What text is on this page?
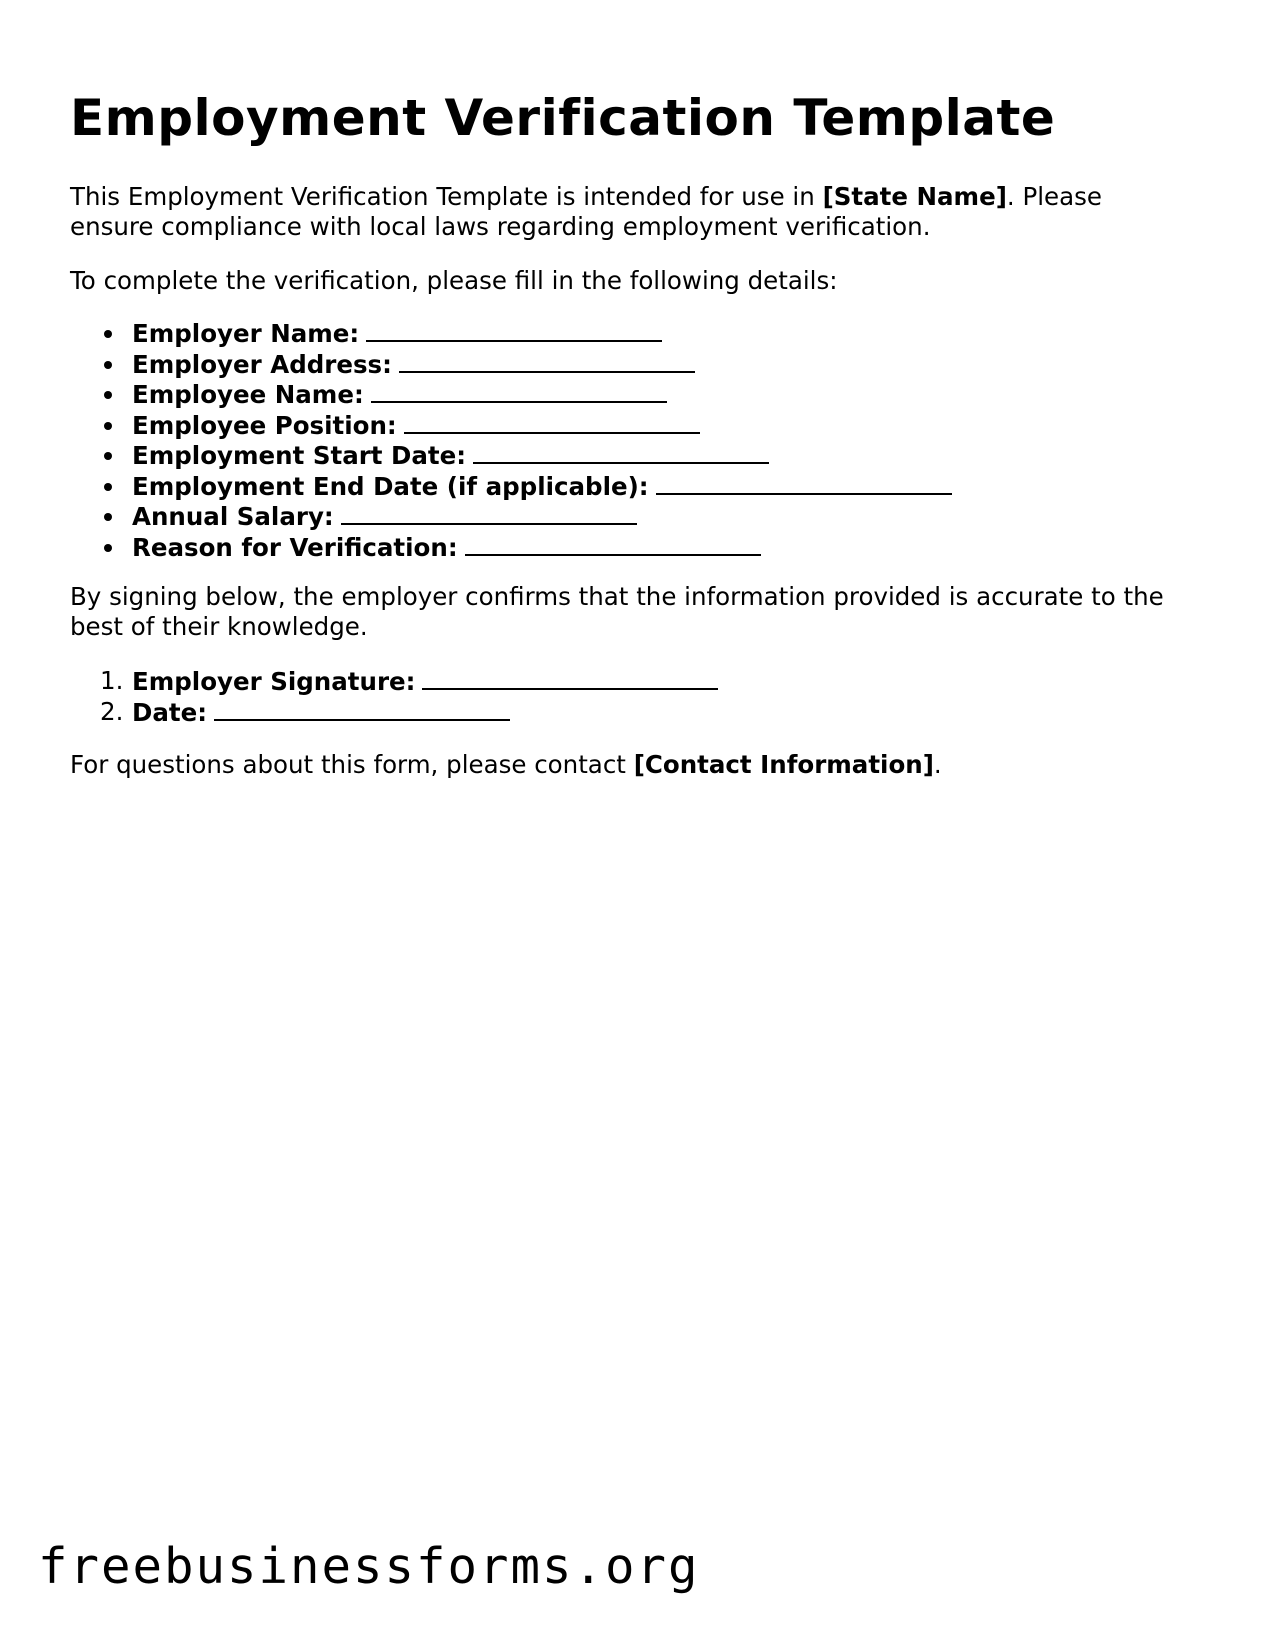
Employment Verification Template

This Employment Verification Template is intended for use in [State Name]. Please ensure compliance with local laws regarding employment verification.

To complete the verification, please fill in the following details:

Employer Name:
Employer Address:
Employee Name:
Employee Position:
Employment Start Date:
Employment End Date (if applicable):
Annual Salary:
Reason for Verification:

By signing below, the employer confirms that the information provided is accurate to the best of their knowledge.

1. Employer Signature:
2. Date:

For questions about this form, please contact [Contact Information].

freebusinessforms.org
